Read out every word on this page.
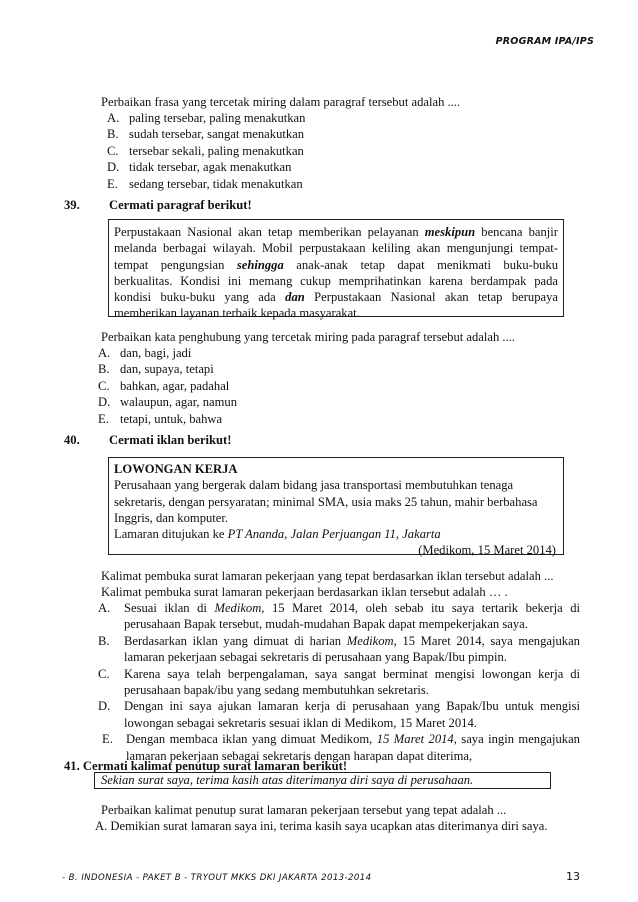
PROGRAM IPA/IPS
Perbaikan frasa yang tercetak miring dalam paragraf tersebut adalah ....
A. paling tersebar, paling menakutkan
B. sudah tersebar, sangat menakutkan
C. tersebar sekali, paling menakutkan
D. tidak tersebar, agak menakutkan
E. sedang tersebar, tidak menakutkan
39. Cermati paragraf berikut!
Perpustakaan Nasional akan tetap memberikan pelayanan meskipun bencana banjir
melanda berbagai wilayah. Mobil perpustakaan keliling akan mengunjungi tempat-
tempat pengungsian sehingga anak-anak tetap dapat menikmati buku-buku
berkualitas. Kondisi ini memang cukup memprihatinkan karena berdampak pada
kondisi buku-buku yang ada dan Perpustakaan Nasional akan tetap berupaya
memberikan layanan terbaik kepada masyarakat.
Perbaikan kata penghubung yang tercetak miring pada paragraf tersebut adalah ....
A. dan, bagi, jadi
B. dan, supaya, tetapi
C. bahkan, agar, padahal
D. walaupun, agar, namun
E. tetapi, untuk, bahwa
40. Cermati iklan berikut!
LOWONGAN KERJA
Perusahaan yang bergerak dalam bidang jasa transportasi membutuhkan tenaga
sekretaris, dengan persyaratan; minimal SMA, usia maks 25 tahun, mahir berbahasa
Inggris, dan komputer.
Lamaran ditujukan ke PT Ananda, Jalan Perjuangan 11, Jakarta
(Medikom, 15 Maret 2014)
Kalimat pembuka surat lamaran pekerjaan yang tepat berdasarkan iklan tersebut adalah ...
Kalimat pembuka surat lamaran pekerjaan berdasarkan iklan tersebut adalah … .
A. Sesuai iklan di Medikom, 15 Maret 2014, oleh sebab itu saya tertarik bekerja di
perusahaan Bapak tersebut, mudah-mudahan Bapak dapat mempekerjakan saya.
B. Berdasarkan iklan yang dimuat di harian Medikom, 15 Maret 2014, saya mengajukan
lamaran pekerjaan sebagai sekretaris di perusahaan yang Bapak/Ibu pimpin.
C. Karena saya telah berpengalaman, saya sangat berminat mengisi lowongan kerja di
perusahaan bapak/ibu yang sedang membutuhkan sekretaris.
D. Dengan ini saya ajukan lamaran kerja di perusahaan yang Bapak/Ibu untuk mengisi
lowongan sebagai sekretaris sesuai iklan di Medikom, 15 Maret 2014.
E. Dengan membaca iklan yang dimuat Medikom, 15 Maret 2014, saya ingin mengajukan
lamaran pekerjaan sebagai sekretaris dengan harapan dapat diterima,
41. Cermati kalimat penutup surat lamaran berikut!
Sekian surat saya, terima kasih atas diterimanya diri saya di perusahaan.
Perbaikan kalimat penutup surat lamaran pekerjaan tersebut yang tepat adalah ...
A. Demikian surat lamaran saya ini, terima kasih saya ucapkan atas diterimanya diri saya.
- B. INDONESIA - PAKET B - TRYOUT MKKS DKI JAKARTA 2013-2014	13
